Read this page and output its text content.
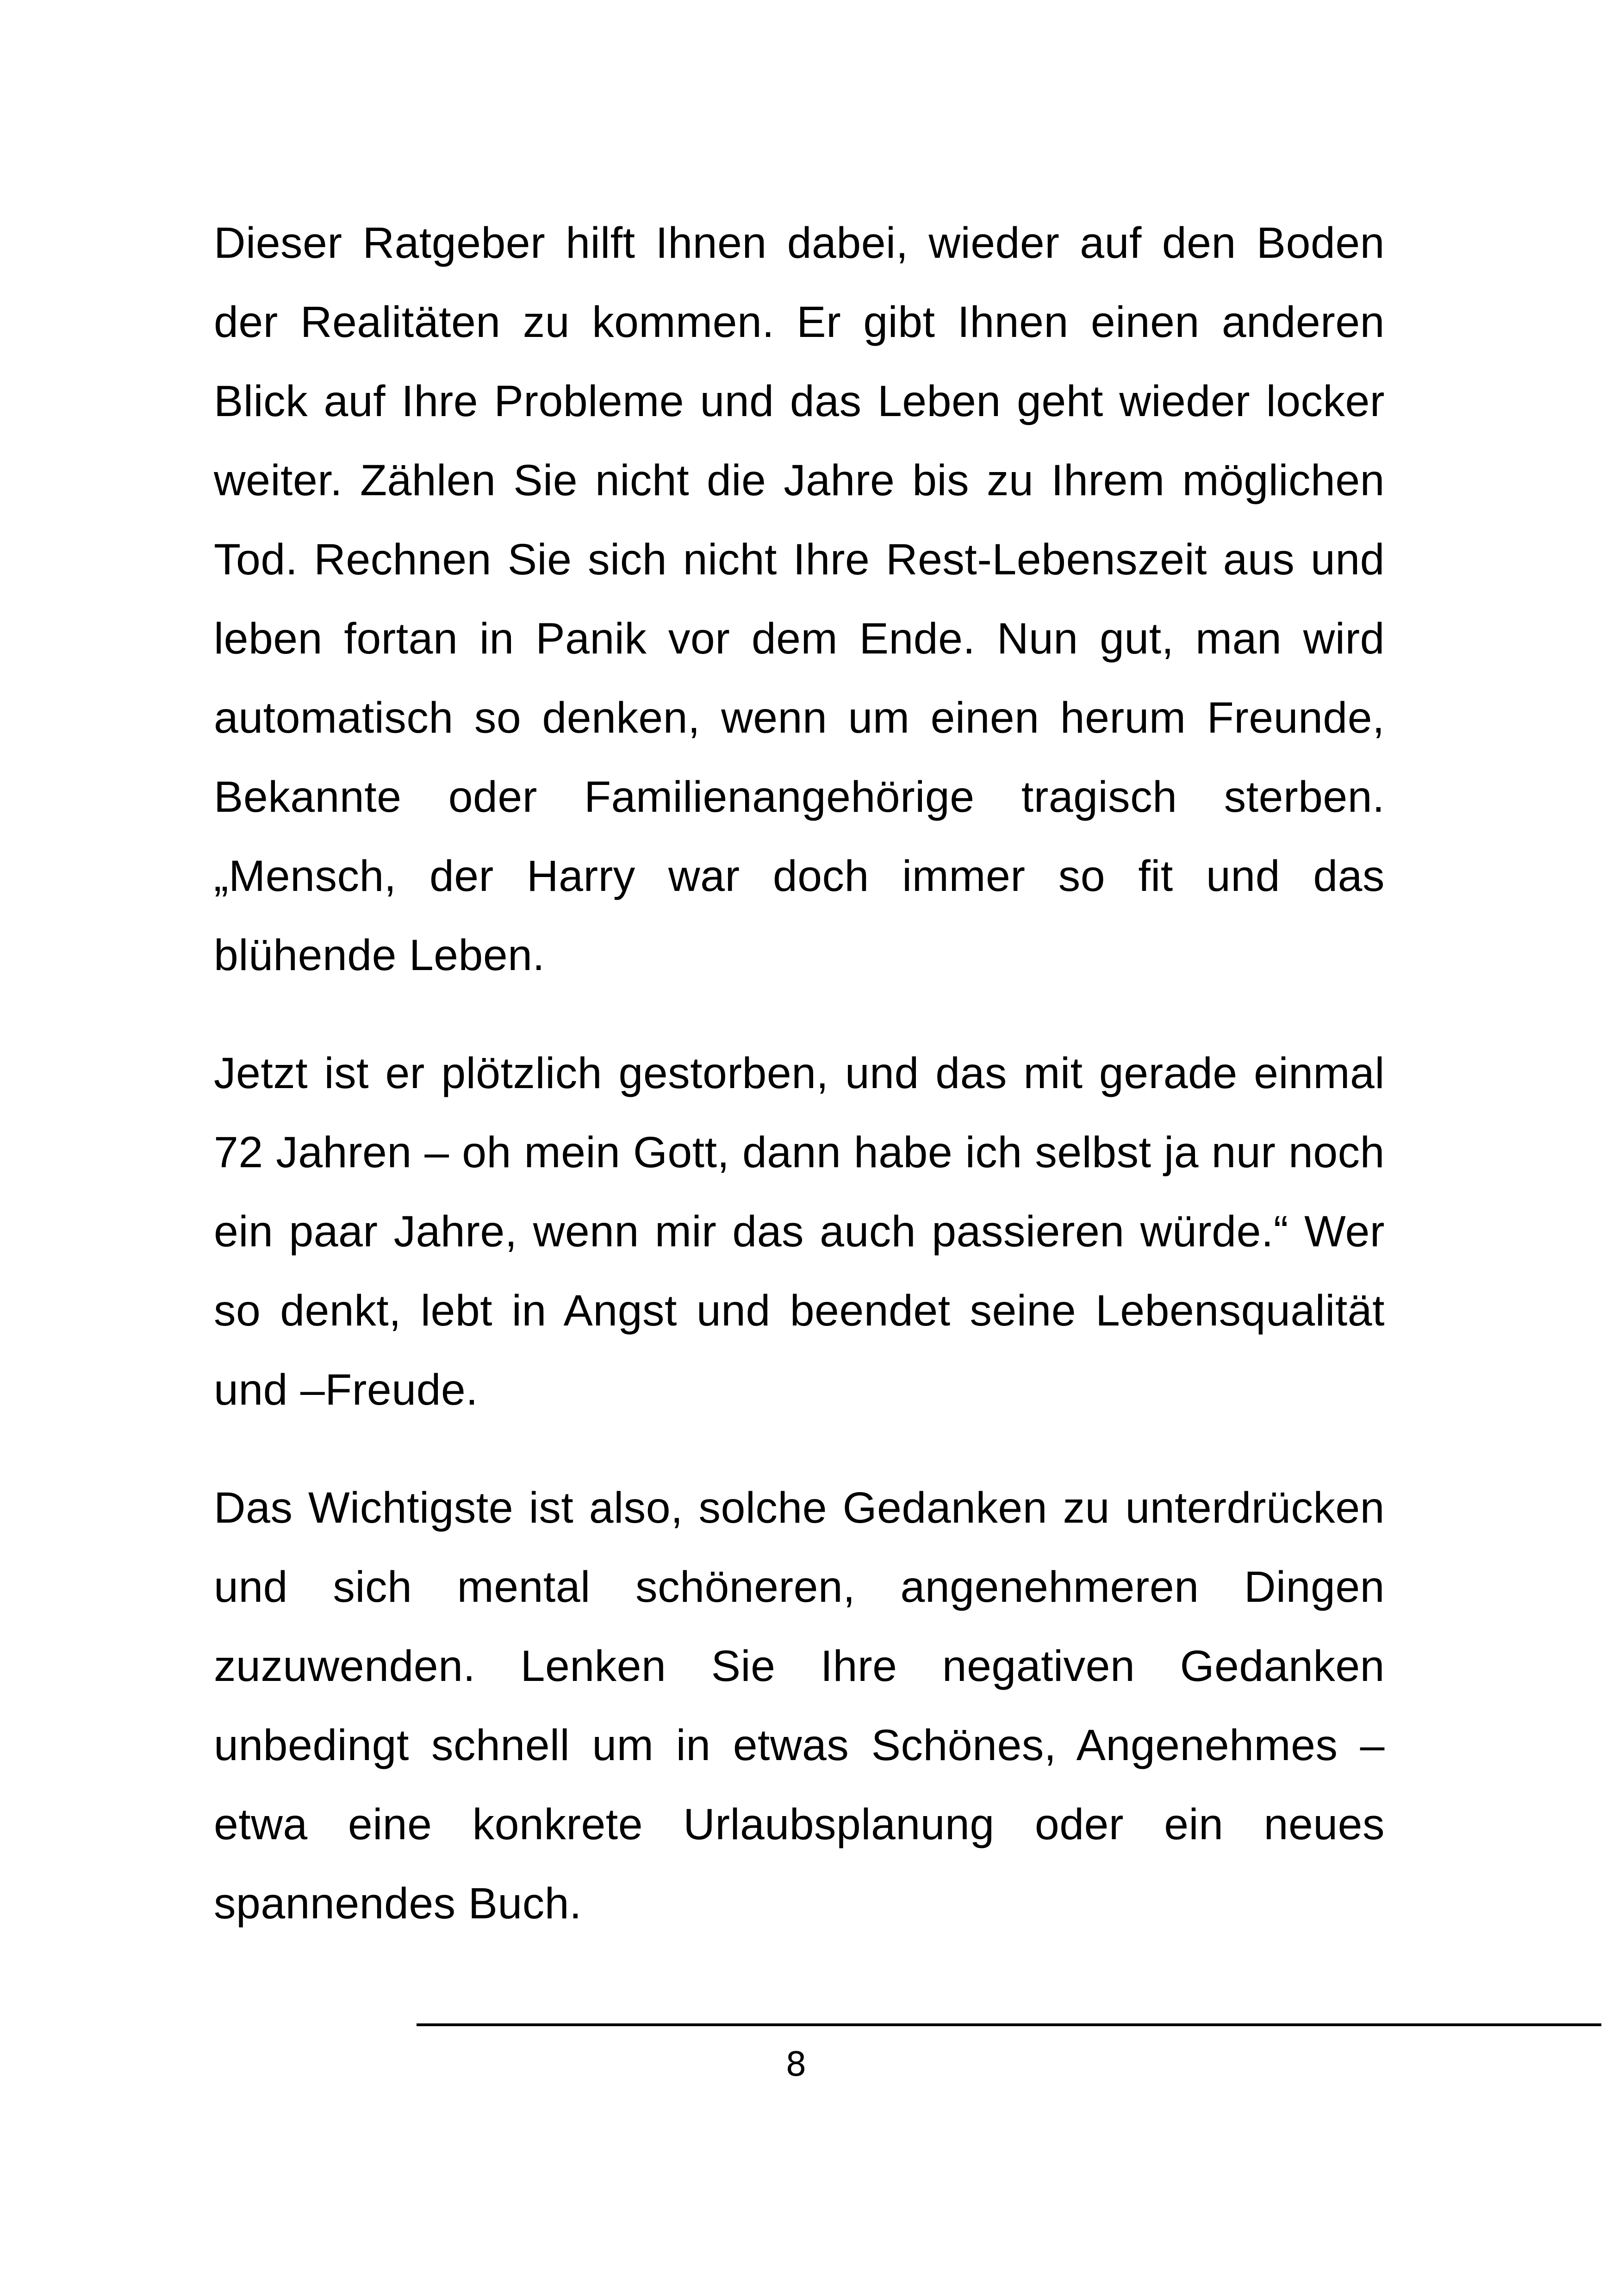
Dieser Ratgeber hilft Ihnen dabei, wieder auf den Boden der Realitäten zu kommen. Er gibt Ihnen einen anderen Blick auf Ihre Probleme und das Leben geht wieder locker weiter. Zählen Sie nicht die Jahre bis zu Ihrem möglichen Tod. Rechnen Sie sich nicht Ihre Rest-Lebenszeit aus und leben fortan in Panik vor dem Ende. Nun gut, man wird automatisch so denken, wenn um einen herum Freunde, Bekannte oder Familienangehörige tragisch sterben. „Mensch, der Harry war doch immer so fit und das blühende Leben.

Jetzt ist er plötzlich gestorben, und das mit gerade einmal 72 Jahren – oh mein Gott, dann habe ich selbst ja nur noch ein paar Jahre, wenn mir das auch passieren würde.“ Wer so denkt, lebt in Angst und beendet seine Lebensqualität und –Freude.

Das Wichtigste ist also, solche Gedanken zu unterdrücken und sich mental schöneren, angenehmeren Dingen zuzuwenden. Lenken Sie Ihre negativen Gedanken unbedingt schnell um in etwas Schönes, Angenehmes – etwa eine konkrete Urlaubsplanung oder ein neues spannendes Buch.

8
